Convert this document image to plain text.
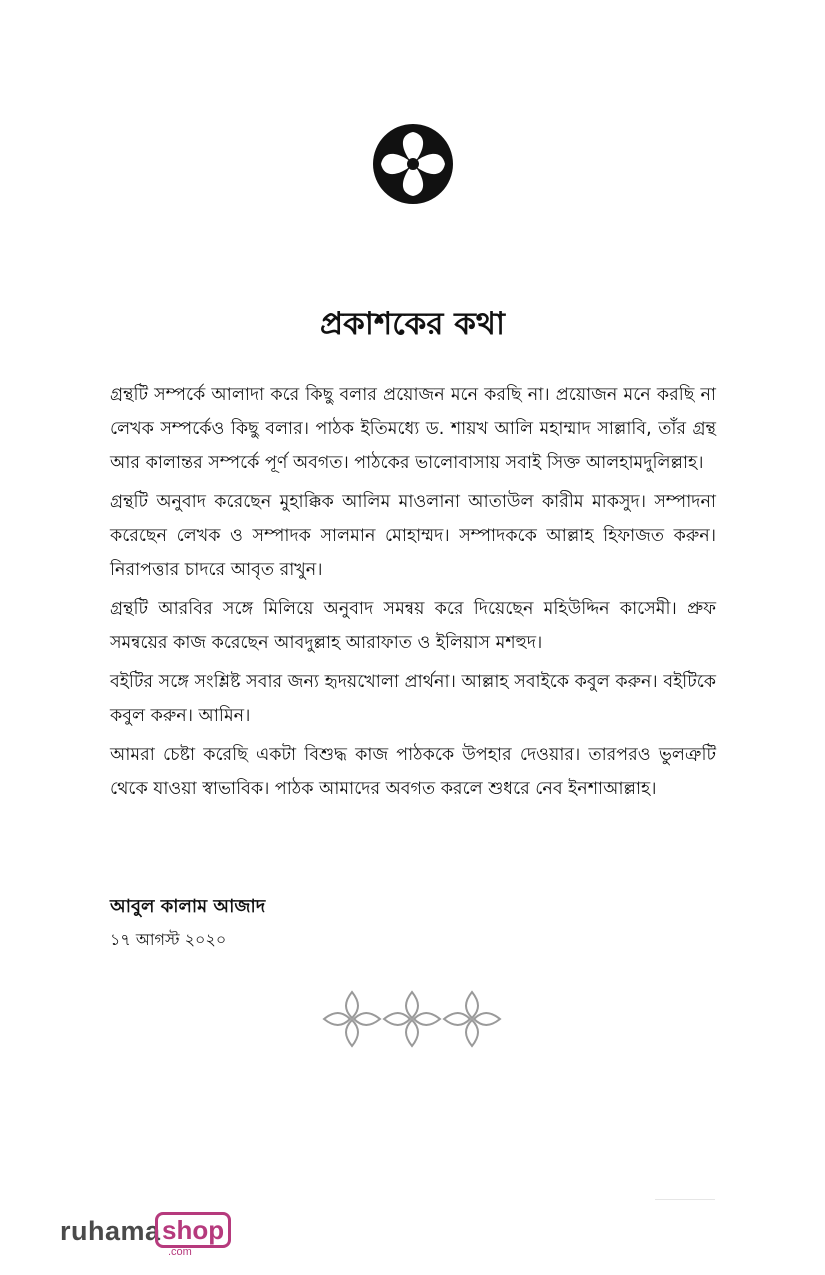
প্রকাশকের কথা

গ্রন্থটি সম্পর্কে আলাদা করে কিছু বলার প্রয়োজন মনে করছি না। প্রয়োজন মনে করছি না লেখক সম্পর্কেও কিছু বলার। পাঠক ইতিমধ্যে ড. শায়খ আলি মহাম্মাদ সাল্লাবি, তাঁর গ্রন্থ আর কালান্তর সম্পর্কে পূর্ণ অবগত। পাঠকের ভালোবাসায় সবাই সিক্ত আলহামদুলিল্লাহ।

গ্রন্থটি অনুবাদ করেছেন মুহাক্কিক আলিম মাওলানা আতাউল কারীম মাকসুদ। সম্পাদনা করেছেন লেখক ও সম্পাদক সালমান মোহাম্মদ। সম্পাদককে আল্লাহ হিফাজত করুন। নিরাপত্তার চাদরে আবৃত রাখুন।

গ্রন্থটি আরবির সঙ্গে মিলিয়ে অনুবাদ সমন্বয় করে দিয়েছেন মহিউদ্দিন কাসেমী। প্রুফ সমন্বয়ের কাজ করেছেন আবদুল্লাহ আরাফাত ও ইলিয়াস মশহুদ।

বইটির সঙ্গে সংশ্লিষ্ট সবার জন্য হৃদয়খোলা প্রার্থনা। আল্লাহ সবাইকে কবুল করুন। বইটিকে কবুল করুন। আমিন।

আমরা চেষ্টা করেছি একটা বিশুদ্ধ কাজ পাঠককে উপহার দেওয়ার। তারপরও ভুলত্রুটি থেকে যাওয়া স্বাভাবিক। পাঠক আমাদের অবগত করলে শুধরে নেব ইনশাআল্লাহ।

আবুল কালাম আজাদ
১৭ আগস্ট ২০২০
ruhama shop
.com
